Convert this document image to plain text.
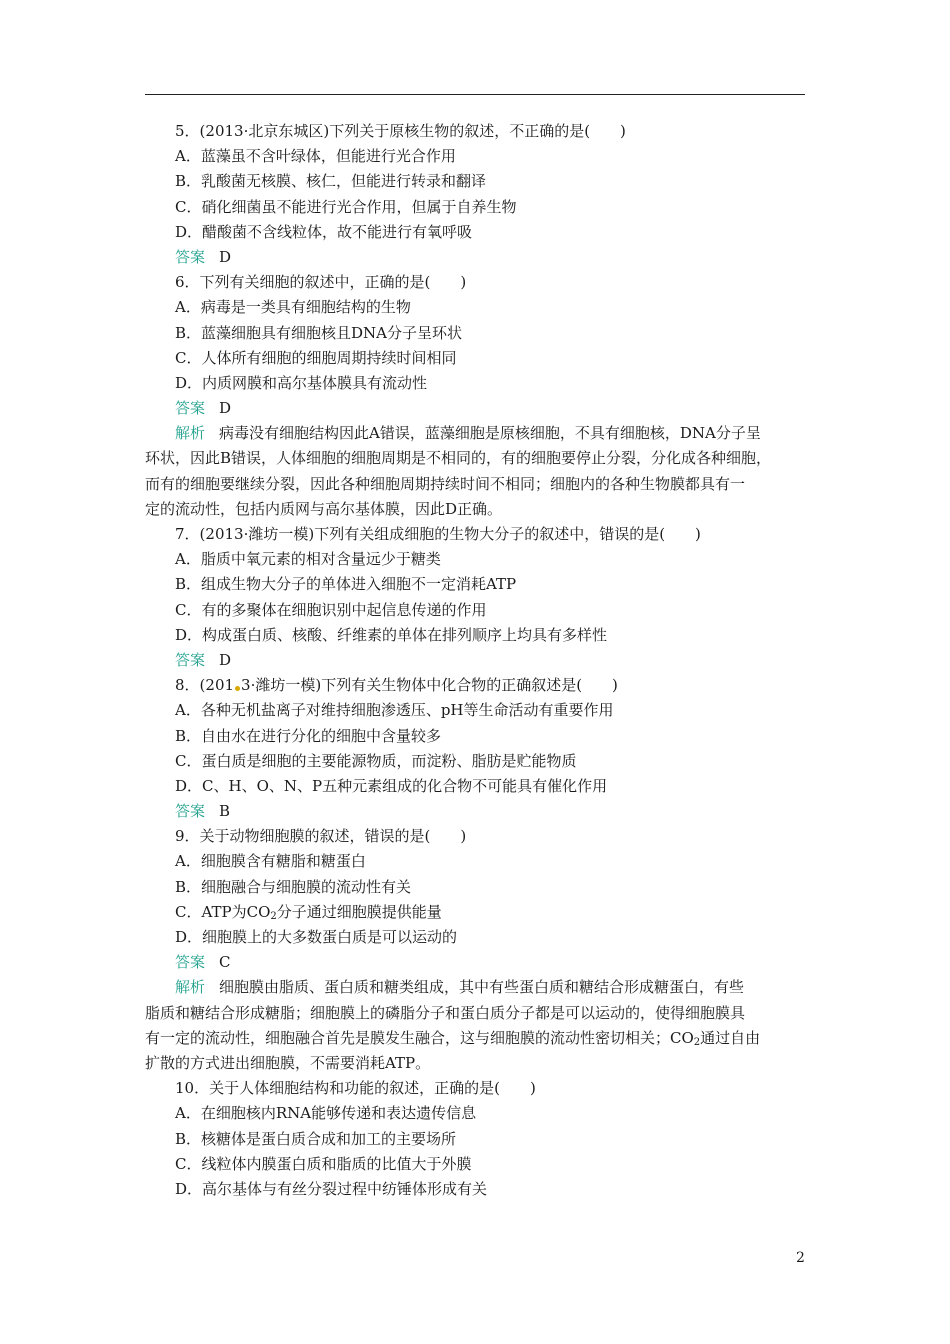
5．(2013·北京东城区)下列关于原核生物的叙述，不正确的是(　　)
A．蓝藻虽不含叶绿体，但能进行光合作用
B．乳酸菌无核膜、核仁，但能进行转录和翻译
C．硝化细菌虽不能进行光合作用，但属于自养生物
D．醋酸菌不含线粒体，故不能进行有氧呼吸
答案 D
6．下列有关细胞的叙述中，正确的是(　　)
A．病毒是一类具有细胞结构的生物
B．蓝藻细胞具有细胞核且DNA分子呈环状
C．人体所有细胞的细胞周期持续时间相同
D．内质网膜和高尔基体膜具有流动性
答案 D
解析 病毒没有细胞结构因此A错误，蓝藻细胞是原核细胞，不具有细胞核，DNA分子呈
环状，因此B错误，人体细胞的细胞周期是不相同的，有的细胞要停止分裂，分化成各种细胞，
而有的细胞要继续分裂，因此各种细胞周期持续时间不相同；细胞内的各种生物膜都具有一
定的流动性，包括内质网与高尔基体膜，因此D正确。
7．(2013·潍坊一模)下列有关组成细胞的生物大分子的叙述中，错误的是(　　)
A．脂质中氧元素的相对含量远少于糖类
B．组成生物大分子的单体进入细胞不一定消耗ATP
C．有的多聚体在细胞识别中起信息传递的作用
D．构成蛋白质、核酸、纤维素的单体在排列顺序上均具有多样性
答案 D
8．(201 3·潍坊一模)下列有关生物体中化合物的正确叙述是(　　)
A．各种无机盐离子对维持细胞渗透压、pH等生命活动有重要作用
B．自由水在进行分化的细胞中含量较多
C．蛋白质是细胞的主要能源物质，而淀粉、脂肪是贮能物质
D．C、H、O、N、P五种元素组成的化合物不可能具有催化作用
答案 B
9．关于动物细胞膜的叙述，错误的是(　　)
A．细胞膜含有糖脂和糖蛋白
B．细胞融合与细胞膜的流动性有关
C．ATP为$CO_2$分子通过细胞膜提供能量
D．细胞膜上的大多数蛋白质是可以运动的
答案 C
解析 细胞膜由脂质、蛋白质和糖类组成，其中有些蛋白质和糖结合形成糖蛋白，有些
脂质和糖结合形成糖脂；细胞膜上的磷脂分子和蛋白质分子都是可以运动的，使得细胞膜具
有一定的流动性，细胞融合首先是膜发生融合，这与细胞膜的流动性密切相关；$CO_2$通过自由
扩散的方式进出细胞膜，不需要消耗ATP。
10．关于人体细胞结构和功能的叙述，正确的是(　　)
A．在细胞核内RNA能够传递和表达遗传信息
B．核糖体是蛋白质合成和加工的主要场所
C．线粒体内膜蛋白质和脂质的比值大于外膜
D．高尔基体与有丝分裂过程中纺锤体形成有关
2
